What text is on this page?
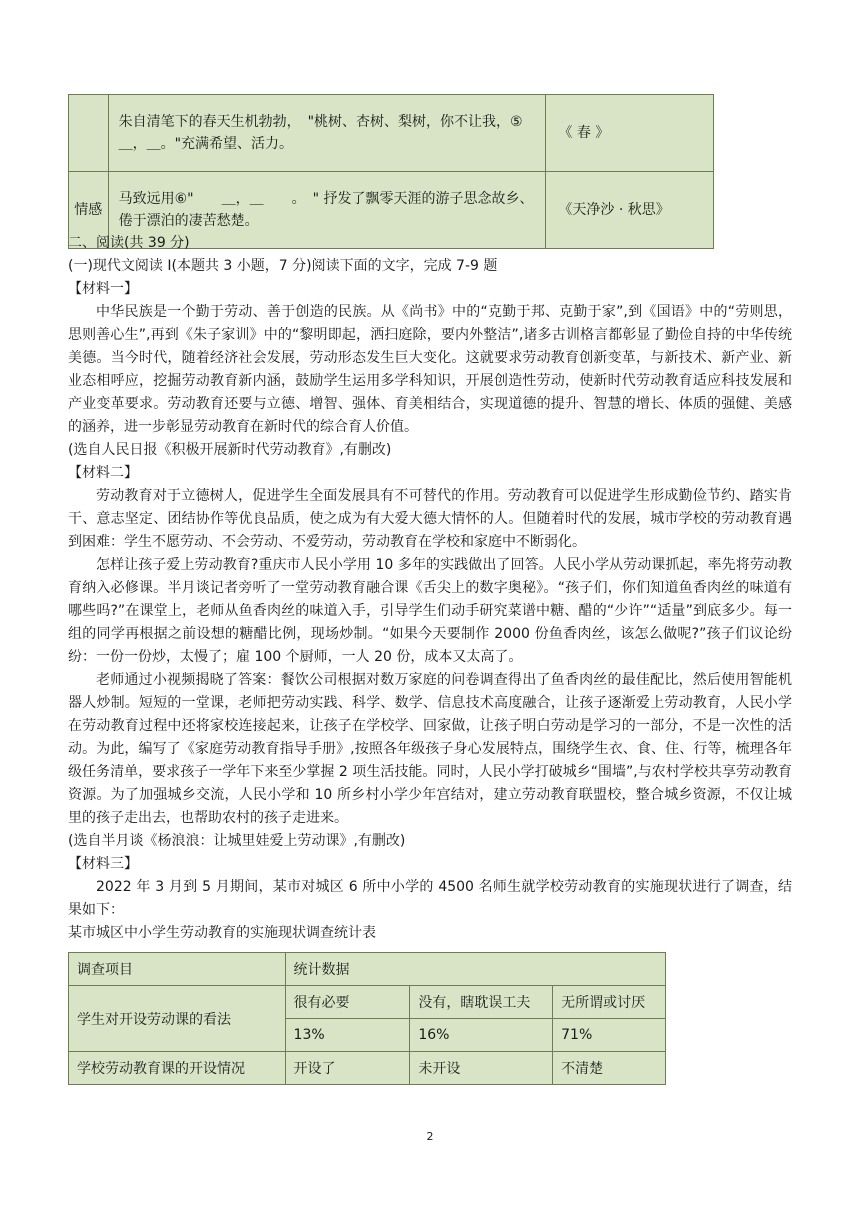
	朱自清笔下的春天生机勃勃，　"桃树、杏树、梨树，你不让我，⑤＿，＿。"充满希望、活力。	《 春 》
情感	马致远用⑥"　　＿，＿　　。　" 抒发了飘零天涯的游子思念故乡、倦于漂泊的凄苦愁楚。	《天净沙 · 秋思》

二、阅读(共 39 分)

(一)现代文阅读 I(本题共 3 小题，7 分)阅读下面的文字，完成 7-9 题

【材料一】

中华民族是一个勤于劳动、善于创造的民族。从《尚书》中的“克勤于邦、克勤于家”,到《国语》中的“劳则思，思则善心生”,再到《朱子家训》中的“黎明即起，洒扫庭除，要内外整洁”,诸多古训格言都彰显了勤俭自持的中华传统美德。当今时代，随着经济社会发展，劳动形态发生巨大变化。这就要求劳动教育创新变革，与新技术、新产业、新业态相呼应，挖掘劳动教育新内涵，鼓励学生运用多学科知识，开展创造性劳动，使新时代劳动教育适应科技发展和产业变革要求。劳动教育还要与立德、增智、强体、育美相结合，实现道德的提升、智慧的增长、体质的强健、美感的涵养，进一步彰显劳动教育在新时代的综合育人价值。

(选自人民日报《积极开展新时代劳动教育》,有删改)

【材料二】

劳动教育对于立德树人，促进学生全面发展具有不可替代的作用。劳动教育可以促进学生形成勤俭节约、踏实肯干、意志坚定、团结协作等优良品质，使之成为有大爱大德大情怀的人。但随着时代的发展，城市学校的劳动教育遇到困难：学生不愿劳动、不会劳动、不爱劳动，劳动教育在学校和家庭中不断弱化。

怎样让孩子爱上劳动教育?重庆市人民小学用 10 多年的实践做出了回答。人民小学从劳动课抓起，率先将劳动教育纳入必修课。半月谈记者旁听了一堂劳动教育融合课《舌尖上的数字奥秘》。“孩子们，你们知道鱼香肉丝的味道有哪些吗?”在课堂上，老师从鱼香肉丝的味道入手，引导学生们动手研究菜谱中糖、醋的“少许”“适量”到底多少。每一组的同学再根据之前设想的糖醋比例，现场炒制。“如果今天要制作 2000 份鱼香肉丝，该怎么做呢?”孩子们议论纷纷：一份一份炒，太慢了；雇 100 个厨师，一人 20 份，成本又太高了。

老师通过小视频揭晓了答案：餐饮公司根据对数万家庭的问卷调查得出了鱼香肉丝的最佳配比，然后使用智能机器人炒制。短短的一堂课，老师把劳动实践、科学、数学、信息技术高度融合，让孩子逐渐爱上劳动教育，人民小学在劳动教育过程中还将家校连接起来，让孩子在学校学、回家做，让孩子明白劳动是学习的一部分，不是一次性的活动。为此，编写了《家庭劳动教育指导手册》,按照各年级孩子身心发展特点，围绕学生衣、食、住、行等，梳理各年级任务清单，要求孩子一学年下来至少掌握 2 项生活技能。同时，人民小学打破城乡“围墙”,与农村学校共享劳动教育资源。为了加强城乡交流，人民小学和 10 所乡村小学少年宫结对，建立劳动教育联盟校，整合城乡资源，不仅让城里的孩子走出去，也帮助农村的孩子走进来。

(选自半月谈《杨浪浪：让城里娃爱上劳动课》,有删改)

【材料三】

2022 年 3 月到 5 月期间，某市对城区 6 所中小学的 4500 名师生就学校劳动教育的实施现状进行了调查，结果如下：

某市城区中小学生劳动教育的实施现状调查统计表

调查项目	统计数据		
学生对开设劳动课的看法	很有必要	没有，瞎耽误工夫	无所谓或讨厌
	13%	16%	71%
学校劳动教育课的开设情况	开设了	未开设	不清楚
2
